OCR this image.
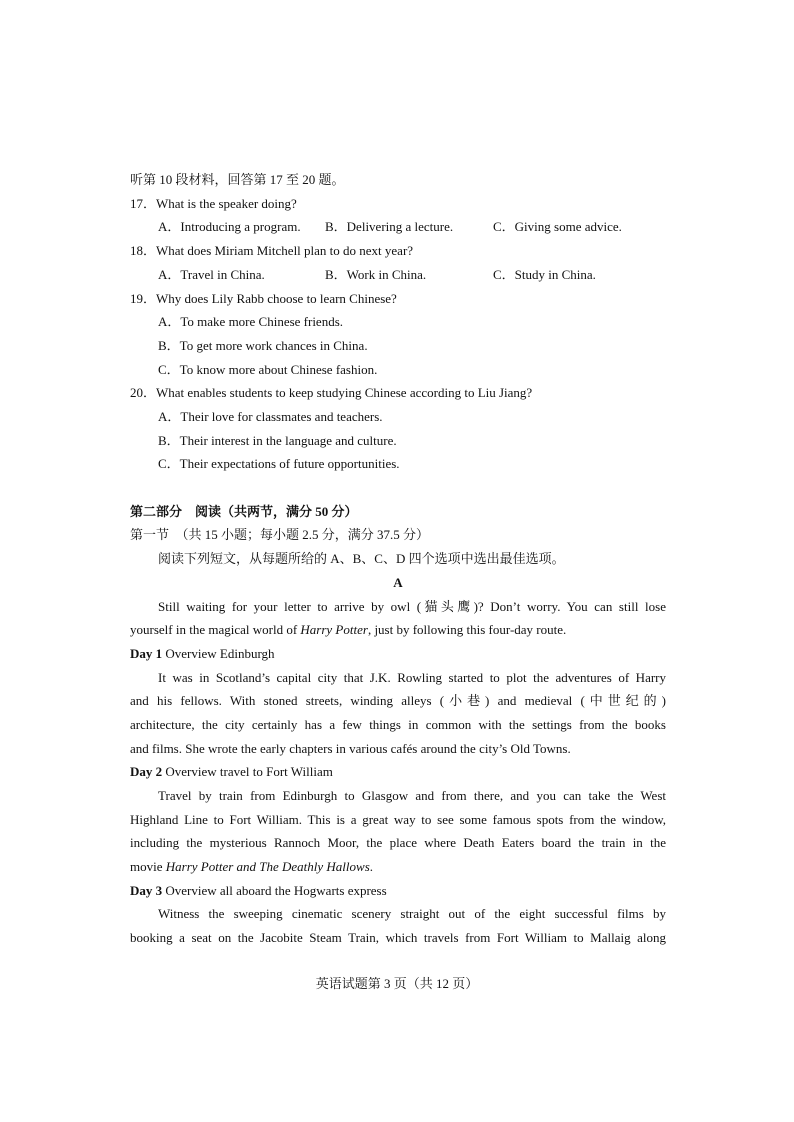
听第 10 段材料，回答第 17 至 20 题。
17．What is the speaker doing?
A．Introducing a program. B．Delivering a lecture.	C．Giving some advice.
18．What does Miriam Mitchell plan to do next year?
A．Travel in China.	B．Work in China.	C．Study in China.
19．Why does Lily Rabb choose to learn Chinese?
A．To make more Chinese friends.
B．To get more work chances in China.
C．To know more about Chinese fashion.
20．What enables students to keep studying Chinese according to Liu Jiang?
A．Their love for classmates and teachers.
B．Their interest in the language and culture.
C．Their expectations of future opportunities.
第二部分　阅读（共两节，满分 50 分）
第一节　（共 15 小题；每小题 2.5 分，满分 37.5 分）
阅读下列短文，从每题所给的 A、B、C、D 四个选项中选出最佳选项。
A
Still waiting for your letter to arrive by owl (猫头鹰)? Don’t worry. You can still lose
yourself in the magical world of Harry Potter, just by following this four-day route.
Day 1 Overview Edinburgh
It was in Scotland’s capital city that J.K. Rowling started to plot the adventures of Harry
and his fellows. With stoned streets, winding alleys (小巷) and medieval (中世纪的)
architecture, the city certainly has a few things in common with the settings from the books
and films. She wrote the early chapters in various cafés around the city’s Old Towns.
Day 2 Overview travel to Fort William
Travel by train from Edinburgh to Glasgow and from there, and you can take the West
Highland Line to Fort William. This is a great way to see some famous spots from the window,
including the mysterious Rannoch Moor, the place where Death Eaters board the train in the
movie Harry Potter and The Deathly Hallows.
Day 3 Overview all aboard the Hogwarts express
Witness the sweeping cinematic scenery straight out of the eight successful films by
booking a seat on the Jacobite Steam Train, which travels from Fort William to Mallaig along
英语试题第 3 页（共 12 页）
